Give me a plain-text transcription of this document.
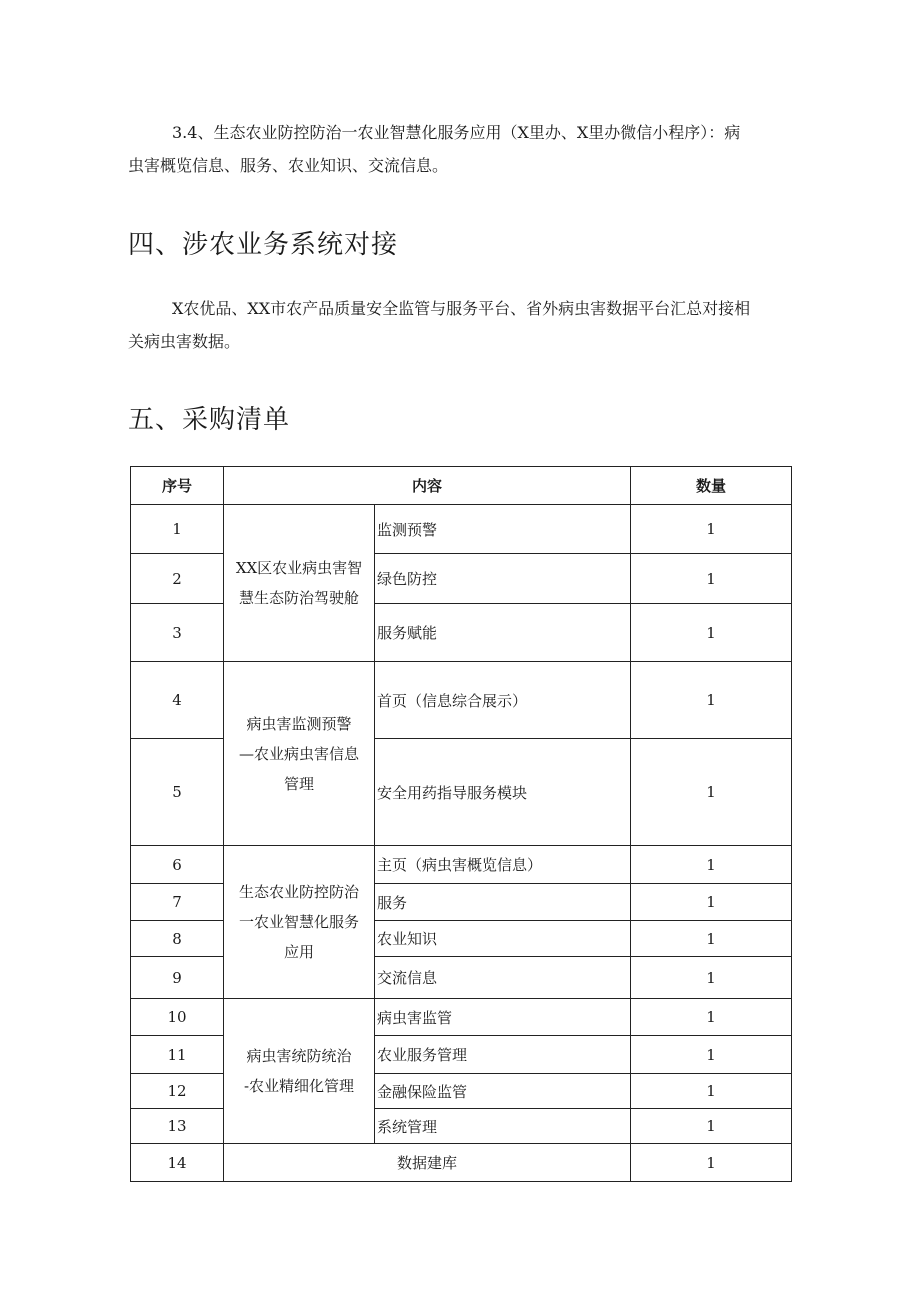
3.4、生态农业防控防治一农业智慧化服务应用（X里办、X里办微信小程序）：病
虫害概览信息、服务、农业知识、交流信息。

四、涉农业务系统对接

X农优品、XX市农产品质量安全监管与服务平台、省外病虫害数据平台汇总对接相
关病虫害数据。

五、采购清单
序号	内容		数量
1	XX区农业病虫害智
慧生态防治驾驶舱	监测预警	1
2		绿色防控	1
3		服务赋能	1
4	病虫害监测预警
—农业病虫害信息
管理	首页（信息综合展示）	1
5		安全用药指导服务模块	1
6	生态农业防控防治
一农业智慧化服务
应用	主页（病虫害概览信息）	1
7		服务	1
8		农业知识	1
9		交流信息	1
10	病虫害统防统治
-农业精细化管理	病虫害监管	1
11		农业服务管理	1
12		金融保险监管	1
13		系统管理	1
14	数据建库		1
